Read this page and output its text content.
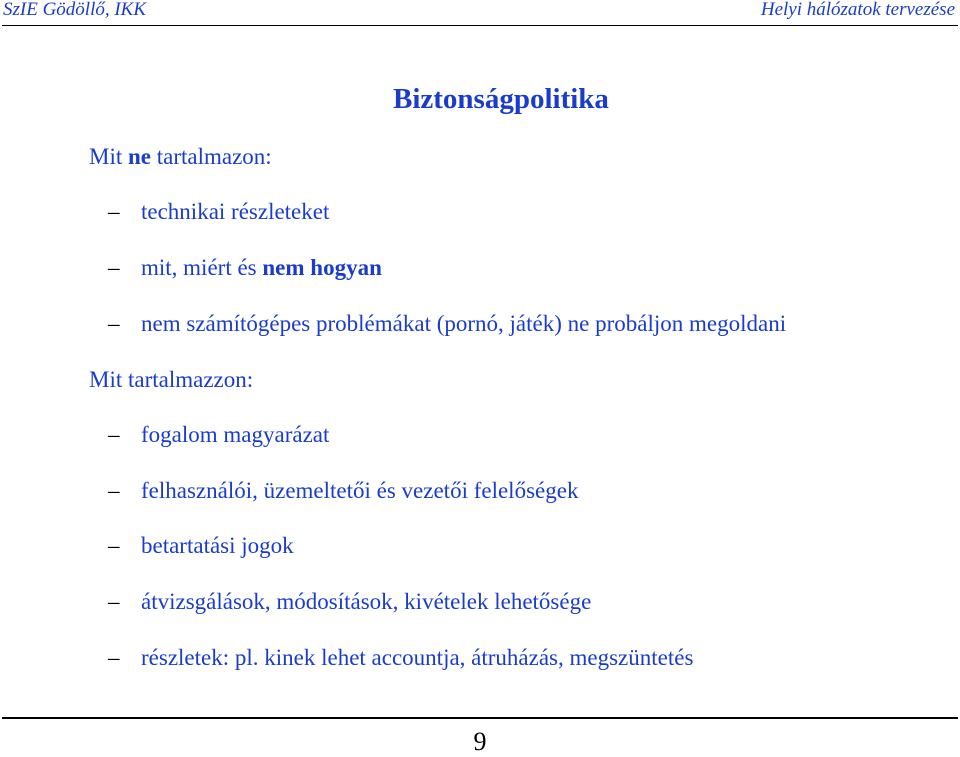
SzIE Gödöllő, IKK	Helyi hálózatok tervezése
Biztonságpolitika
Mit ne tartalmazon:
– technikai részleteket
– mit, miért és nem hogyan
– nem számítógépes problémákat (pornó, játék) ne probáljon megoldani
Mit tartalmazzon:
– fogalom magyarázat
– felhasználói, üzemeltetői és vezetői felelőségek
– betartatási jogok
– átvizsgálások, módosítások, kivételek lehetősége
– részletek: pl. kinek lehet accountja, átruházás, megszüntetés
9
